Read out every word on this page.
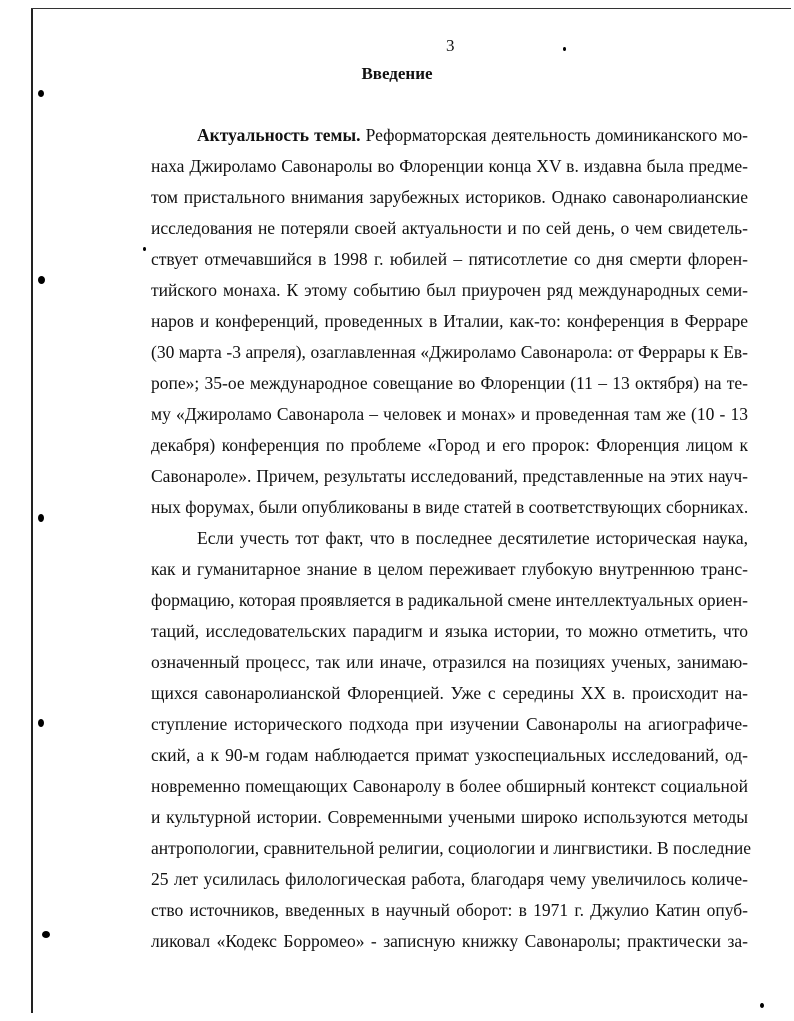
3
Введение
Актуальность темы. Реформаторская деятельность доминиканского мо-
наха Джироламо Савонаролы во Флоренции конца XV в. издавна была предме-
том пристального внимания зарубежных историков. Однако савонаролианские
исследования не потеряли своей актуальности и по сей день, о чем свидетель-
ствует отмечавшийся в 1998 г. юбилей – пятисотлетие со дня смерти флорен-
тийского монаха. К этому событию был приурочен ряд международных семи-
наров и конференций, проведенных в Италии, как-то: конференция в Ферраре
(30 марта -3 апреля), озаглавленная «Джироламо Савонарола: от Феррары к Ев-
ропе»; 35-ое международное совещание во Флоренции (11 – 13 октября) на те-
му «Джироламо Савонарола – человек и монах» и проведенная там же (10 - 13
декабря) конференция по проблеме «Город и его пророк: Флоренция лицом к
Савонароле». Причем, результаты исследований, представленные на этих науч-
ных форумах, были опубликованы в виде статей в соответствующих сборниках.
Если учесть тот факт, что в последнее десятилетие историческая наука,
как и гуманитарное знание в целом переживает глубокую внутреннюю транс-
формацию, которая проявляется в радикальной смене интеллектуальных ориен-
таций, исследовательских парадигм и языка истории, то можно отметить, что
означенный процесс, так или иначе, отразился на позициях ученых, занимаю-
щихся савонаролианской Флоренцией. Уже с середины XX в. происходит на-
ступление исторического подхода при изучении Савонаролы на агиографиче-
ский, а к 90-м годам наблюдается примат узкоспециальных исследований, од-
новременно помещающих Савонаролу в более обширный контекст социальной
и культурной истории. Современными учеными широко используются методы
антропологии, сравнительной религии, социологии и лингвистики. В последние
25 лет усилилась филологическая работа, благодаря чему увеличилось количе-
ство источников, введенных в научный оборот: в 1971 г. Джулио Катин опуб-
ликовал «Кодекс Борромео» - записную книжку Савонаролы; практически за-
